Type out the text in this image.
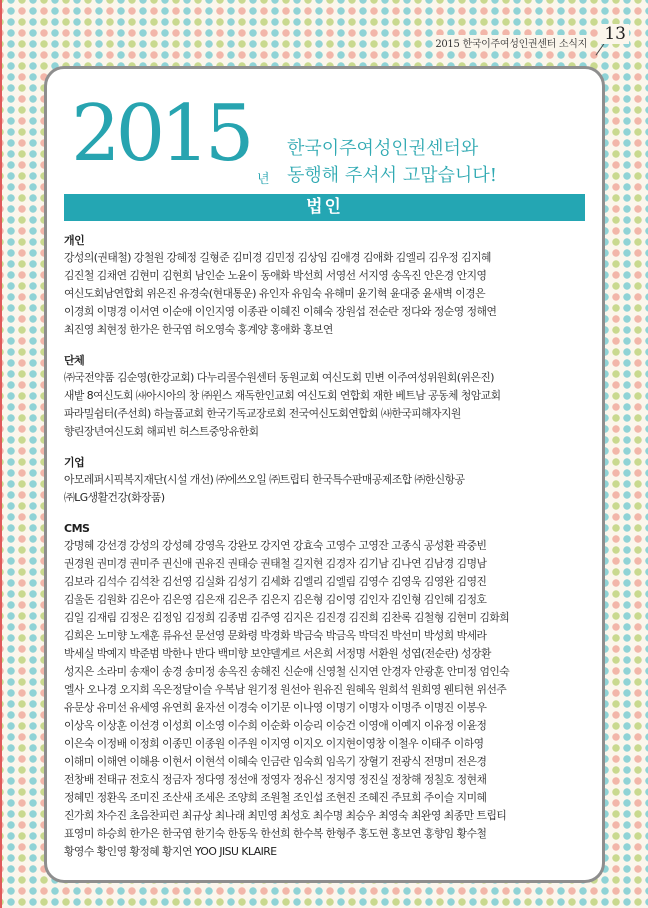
2015 한국이주여성인권센터 소식지
13
2015
년
한국이주여성인권센터와
동행해 주셔서 고맙습니다!
법인
개인
강성의(권태철) 강철원 강혜정 길형준 김미경 김민정 김상임 김애경 김애화 김엘리 김우정 김지혜
김진철 김채연 김현미 김현희 남인순 노윤이 동애화 박선희 서영선 서지영 송옥진 안은경 안지영
여신도회남연합회 위은진 유경숙(현대통운) 유인자 유임숙 유해미 윤기혁 윤대중 윤새벽 이경은
이경희 이명경 이서연 이순애 이인지영 이종관 이혜진 이혜숙 장원섭 전순란 정다와 정순영 정해연
최진영 최현정 한가은 한국염 허오영숙 홍계양 홍애화 홍보연
단체
㈜국전약품 김순영(한강교회) 다누리콜수원센터 동원교회 여신도회 민변 이주여성위원회(위은진)
새밭 8여신도회 ㈔아시아의 창 ㈜윈스 재독한인교회 여신도회 연합회 재한 베트남 공동체 청암교회
파라밀쉼터(주선희) 하늘품교회 한국기독교장로회 전국여신도회연합회 ㈔한국피해자지원
향린장년여신도회 해피빈 허스트중앙유한회
기업
아모레퍼시픽복지재단(시설 개선) ㈜에쓰오일 ㈜트립티 한국특수판매공제조합 ㈜한신항공
㈜LG생활건강(화장품)
CMS
강명혜 강선경 강성의 강성혜 강영옥 강완모 강지연 강효숙 고영수 고영잔 고종식 공성환 곽중빈
권경원 권미경 권미주 권신애 권유진 권태승 권태철 길지현 김경자 김기남 김나연 김남경 김명남
김보라 김석수 김석찬 김선영 김실화 김성기 김세화 김엘리 김엘림 김영수 김영욱 김영완 김영진
김울돈 김원화 김은아 김은영 김은재 김은주 김은지 김은형 김이영 김인자 김인형 김인혜 김정호
김일 김재림 김정은 김정임 김정희 김종범 김주영 김지은 김진경 김진희 김찬록 김철형 김현미 김화희
김희은 노미향 노재훈 류유선 문선영 문화령 박경화 박금숙 박금옥 박덕진 박선미 박성희 박세라
박세실 박예지 박준범 박한나 반다 백미향 보얀델게르 서은희 서정명 서환원 성엽(전순란) 성장환
성지은 소라미 송재이 송경 송미정 송옥진 송해진 신순애 신영철 신지연 안경자 안광훈 안미정 엄인숙
엘사 오나경 오지희 옥은정달이슬 우복남 원기정 원선아 원유진 원혜옥 원희석 원희영 웬티현 위선주
유문상 유미선 유세영 유연희 윤자선 이경숙 이기문 이나영 이명기 이명자 이명주 이명진 이봉우
이상옥 이상훈 이선경 이성희 이소영 이수희 이순화 이승리 이승건 이영애 이예지 이유정 이윤정
이은숙 이정배 이정희 이종민 이종원 이주원 이지영 이지오 이지현이영창 이철우 이태주 이하영
이해미 이해연 이해용 이현서 이현석 이혜숙 인금란 임숙희 임옥기 장혈기 전광식 전명미 전은경
전창배 전태규 전호식 정금자 정다영 정선애 정영자 정유신 정지영 정진실 정창해 정칠호 정현채
정혜민 정환옥 조미진 조산새 조세은 조양희 조원철 조인섭 조현진 조혜진 주묘희 주이슬 지미혜
진가희 차수진 초음찬피런 최규상 최나래 최민영 최성호 최수명 최승우 최영숙 최완영 최종만 트립티
표영미 하승희 한가은 한국염 한기숙 한동욱 한선희 한수복 한형주 홍도현 홍보연 홍향임 황수철
황영수 황인영 황정혜 황지연 YOO JISU KLAIRE
